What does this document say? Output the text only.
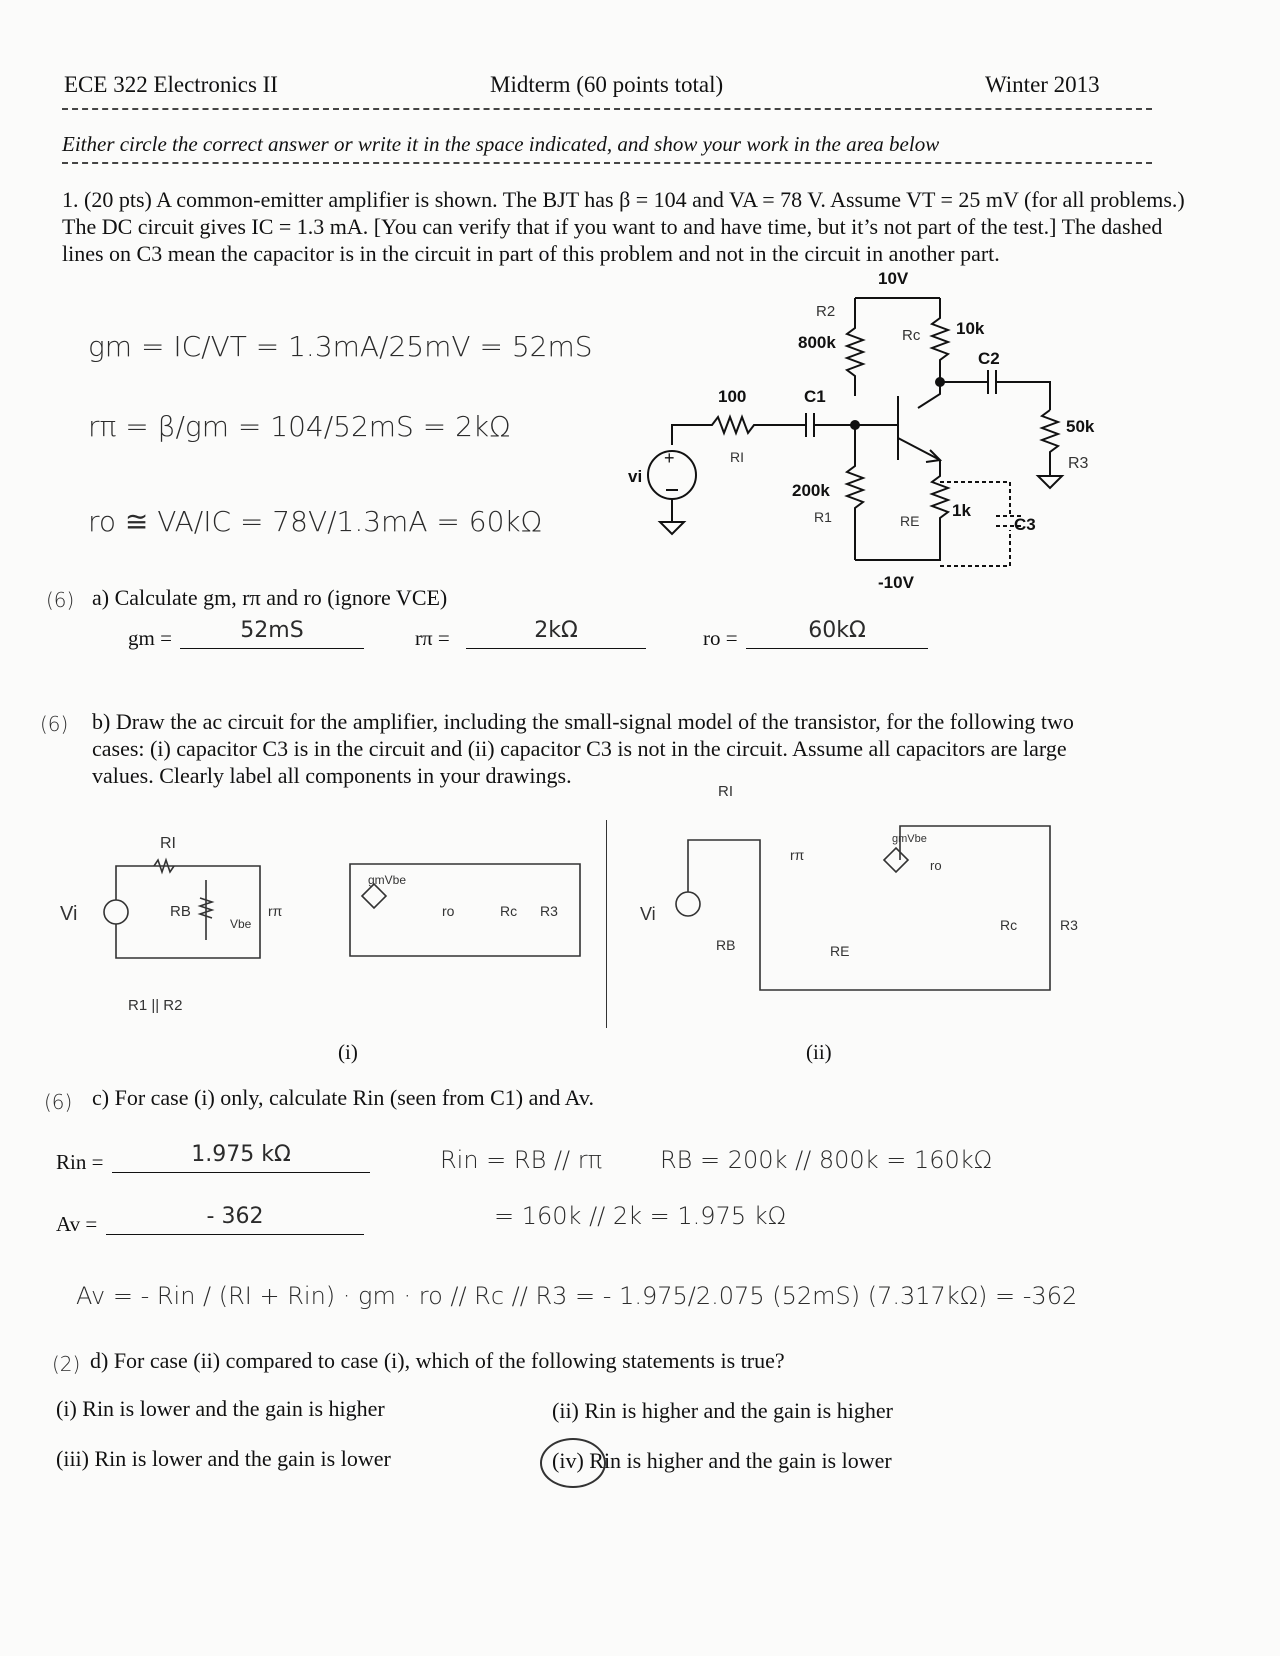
ECE 322 Electronics II	Midterm (60 points total)	Winter 2013
Either circle the correct answer or write it in the space indicated, and show your work in the area below
1. (20 pts) A common-emitter amplifier is shown. The BJT has β = 104 and VA = 78 V. Assume VT = 25 mV (for all problems.) The DC circuit gives IC = 1.3 mA. [You can verify that if you want to and have time, but it’s not part of the test.] The dashed lines on C3 mean the capacitor is in the circuit in part of this problem and not in the circuit in another part.
gm = IC/VT = 1.3mA/25mV = 52mS
rπ = β/gm = 104/52mS = 2kΩ
ro ≅ VA/IC = 78V/1.3mA = 60kΩ
10V
-10V
800k
R2
10k
Rc
C2
50k
R3
1k
RE	C3
200k
R1
C1
100
RI
+
vi
(6) a) Calculate gm, rπ and ro (ignore VCE)
gm =	52mS	rπ =	2kΩ	ro =	60kΩ
(6) b) Draw the ac circuit for the amplifier, including the small-signal model of the transistor, for the following two cases: (i) capacitor C3 is in the circuit and (ii) capacitor C3 is not in the circuit. Assume all capacitors are large values. Clearly label all components in your drawings.
Vi
RI
RB
Vbe
rπ
gmVbe
ro	Rc R3
R1 || R2
Vi
RI
RB
rπ
RE
gmVbe
ro
Rc	R3
(i)	(ii)
(6) c) For case (i) only, calculate Rin (seen from C1) and Av.
Rin =	1.975 kΩ
Av =	- 362
Rin = RB // rπ RB = 200k // 800k = 160kΩ
= 160k // 2k = 1.975 kΩ
Av = - Rin / (RI + Rin) · gm · ro // Rc // R3 = - 1.975/2.075 (52mS) (7.317kΩ) = -362
(2) d) For case (ii) compared to case (i), which of the following statements is true?
(i) Rin is lower and the gain is higher	(ii) Rin is higher and the gain is higher
(iii) Rin is lower and the gain is lower	(iv) Rin is higher and the gain is lower
